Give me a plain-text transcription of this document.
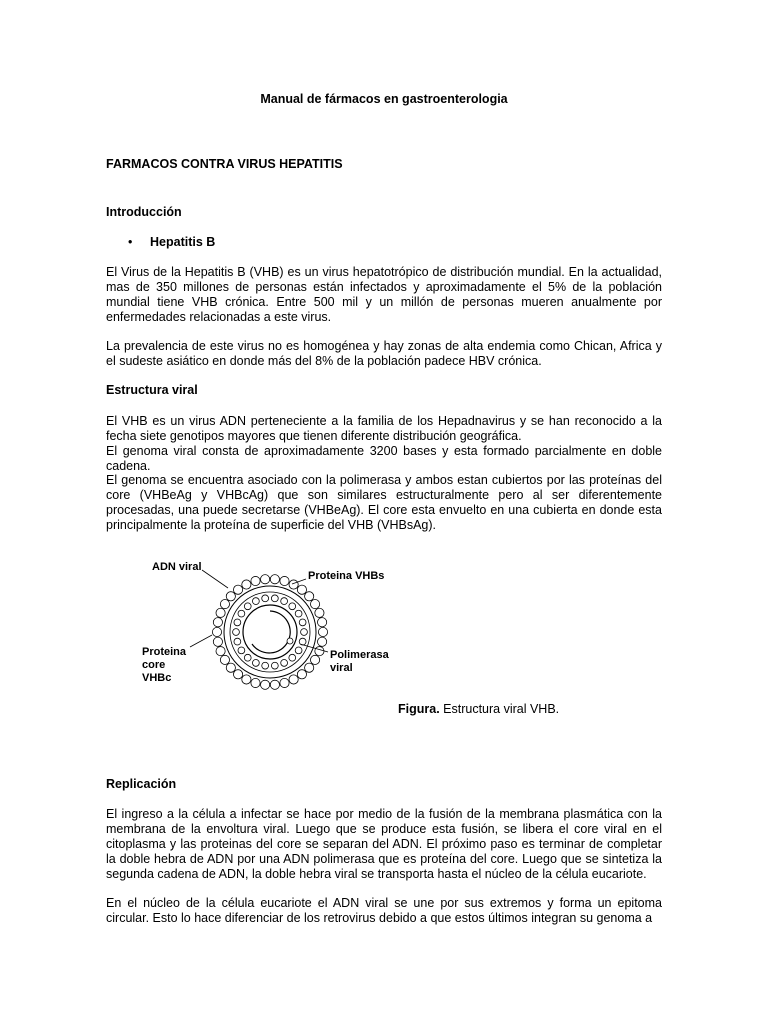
Manual de fármacos en gastroenterologia
FARMACOS CONTRA VIRUS HEPATITIS
Introducción
• Hepatitis B

El Virus de la Hepatitis B (VHB) es un virus hepatotrópico de distribución mundial. En la actualidad, mas de 350 millones de personas están infectados y aproximadamente el 5% de la población mundial tiene VHB crónica. Entre 500 mil y un millón de personas mueren anualmente por enfermedades relacionadas a este virus.

La prevalencia de este virus no es homogénea y hay zonas de alta endemia como Chican, Africa y el sudeste asiático en donde más del 8% de la población padece HBV crónica.

Estructura viral

El VHB es un virus ADN perteneciente a la familia de los Hepadnavirus y se han reconocido a la fecha siete genotipos mayores que tienen diferente distribución geográfica.

El genoma viral consta de aproximadamente 3200 bases y esta formado parcialmente en doble cadena.

El genoma se encuentra asociado con la polimerasa y ambos estan cubiertos por las proteínas del core (VHBeAg y VHBcAg) que son similares estructuralmente pero al ser diferentemente procesadas, una puede secretarse (VHBeAg). El core esta envuelto en una cubierta en donde esta principalmente la proteína de superficie del VHB (VHBsAg).

ADN viral
Proteina VHBs
Proteina
core
VHBc
Polimerasa
viral
Figura. Estructura viral VHB.
Replicación

El ingreso a la célula a infectar se hace por medio de la fusión de la membrana plasmática con la membrana de la envoltura viral. Luego que se produce esta fusión, se libera el core viral en el citoplasma y las proteinas del core se separan del ADN. El próximo paso es terminar de completar la doble hebra de ADN por una ADN polimerasa que es proteína del core. Luego que se sintetiza la segunda cadena de ADN, la doble hebra viral se transporta hasta el núcleo de la célula eucariote.

En el núcleo de la célula eucariote el ADN viral se une por sus extremos y forma un epitoma circular. Esto lo hace diferenciar de los retrovirus debido a que estos últimos integran su genoma a
